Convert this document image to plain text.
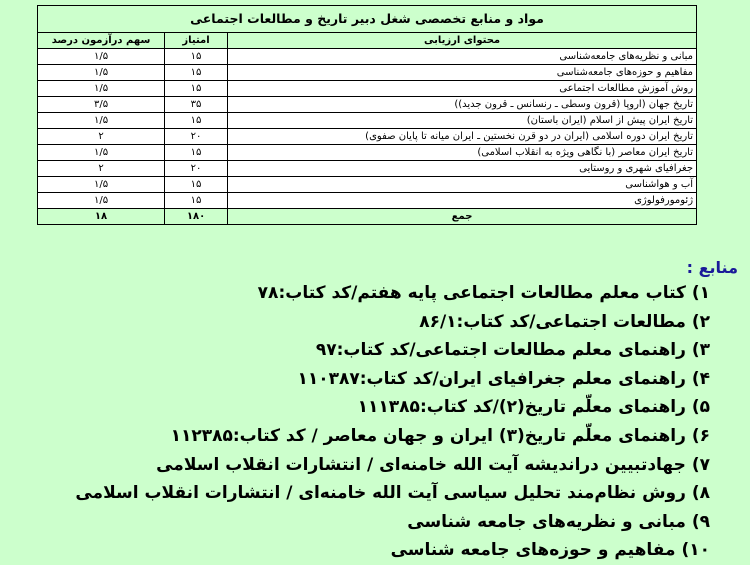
مواد و منابع تخصصی شغل دبیر تاریخ و مطالعات اجتماعی		
محتوای ارزیابی	امتیاز	سهم درآزمون درصد
مبانی و نظریه‌های جامعه‌شناسی	۱۵	۱/۵
مفاهیم و حوزه‌های جامعه‌شناسی	۱۵	۱/۵
روش آموزش مطالعات اجتماعی	۱۵	۱/۵
تاریخ جهان (اروپا (قرون وسطی ـ رنسانس ـ قرون جدید))	۳۵	۳/۵
تاریخ ایران پیش از اسلام (ایران باستان)	۱۵	۱/۵
تاریخ ایران دوره اسلامی (ایران در دو قرن نخستین ـ ایران میانه تا پایان صفوی)	۲۰	۲
تاریخ ایران معاصر (با نگاهی ویژه به انقلاب اسلامی)	۱۵	۱/۵
جغرافیای شهری و روستایی	۲۰	۲
آب و هواشناسی	۱۵	۱/۵
ژئومورفولوژی	۱۵	۱/۵
جمع	۱۸۰	۱۸
منابع :
۱) کتاب معلم مطالعات اجتماعی پایه هفتم/کد کتاب:۷۸
۲) مطالعات اجتماعی/کد کتاب:۸۶/۱
۳) راهنمای معلم مطالعات اجتماعی/کد کتاب:۹۷
۴) راهنمای معلم جغرافیای ایران/کد کتاب:۱۱۰۳۸۷
۵) راهنمای معلّم تاریخ(۲)/کد کتاب:۱۱۱۳۸۵
۶) راهنمای معلّم تاریخ(۳) ایران و جهان معاصر / کد کتاب:۱۱۲۳۸۵
۷) جهادتبیین دراندیشه آیت الله خامنه‌ای / انتشارات انقلاب اسلامی
۸) روش نظام‌مند تحلیل سیاسی آیت الله خامنه‌ای / انتشارات انقلاب اسلامی
۹) مبانی و نظریه‌های جامعه شناسی
۱۰) مفاهیم و حوزه‌های جامعه شناسی
